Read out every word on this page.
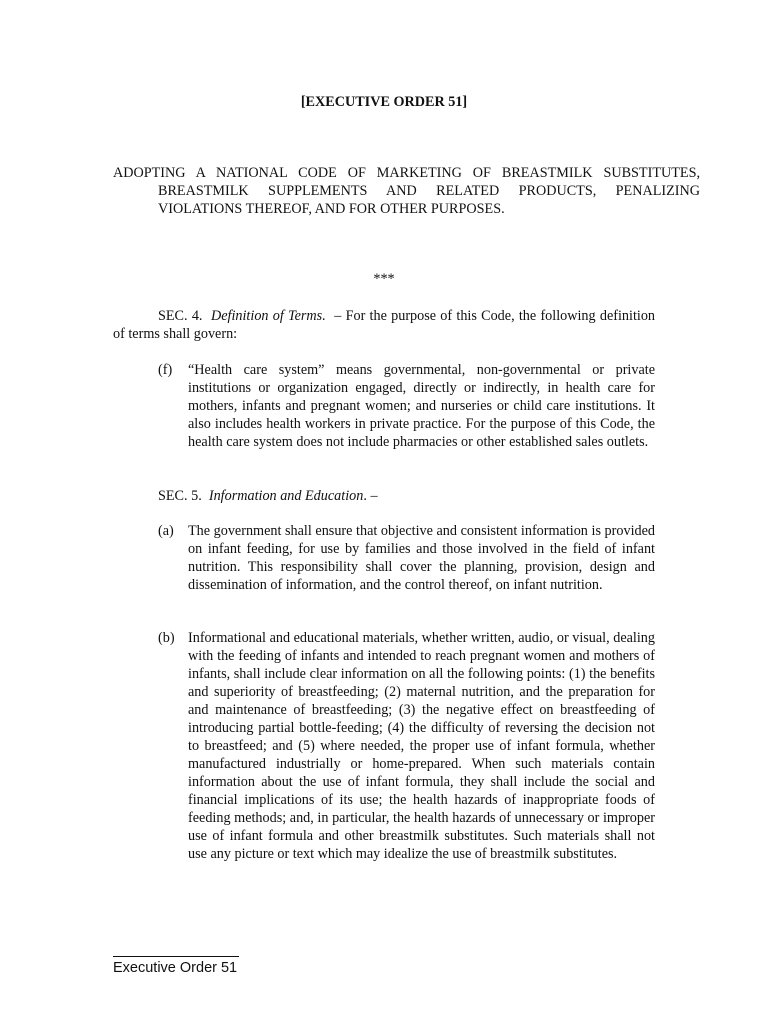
[EXECUTIVE ORDER 51]
ADOPTING A NATIONAL CODE OF MARKETING OF BREASTMILK SUBSTITUTES, BREASTMILK SUPPLEMENTS AND RELATED PRODUCTS, PENALIZING VIOLATIONS THEREOF, AND FOR OTHER PURPOSES.
***
SEC. 4. Definition of Terms. – For the purpose of this Code, the following definition of terms shall govern:
(f)	“Health care system” means governmental, non-governmental or private institutions or organization engaged, directly or indirectly, in health care for mothers, infants and pregnant women; and nurseries or child care institutions. It also includes health workers in private practice. For the purpose of this Code, the health care system does not include pharmacies or other established sales outlets.
SEC. 5. Information and Education. –
(a)	The government shall ensure that objective and consistent information is provided on infant feeding, for use by families and those involved in the field of infant nutrition. This responsibility shall cover the planning, provision, design and dissemination of information, and the control thereof, on infant nutrition.
(b) Informational and educational materials, whether written, audio, or visual, dealing with the feeding of infants and intended to reach pregnant women and mothers of infants, shall include clear information on all the following points: (1) the benefits and superiority of breastfeeding; (2) maternal nutrition, and the preparation for and maintenance of breastfeeding; (3) the negative effect on breastfeeding of introducing partial bottle-feeding; (4) the difficulty of reversing the decision not to breastfeed; and (5) where needed, the proper use of infant formula, whether manufactured industrially or home-prepared. When such materials contain information about the use of infant formula, they shall include the social and financial implications of its use; the health hazards of inappropriate foods of feeding methods; and, in particular, the health hazards of unnecessary or improper use of infant formula and other breastmilk substitutes. Such materials shall not use any picture or text which may idealize the use of breastmilk substitutes.
Executive Order 51
